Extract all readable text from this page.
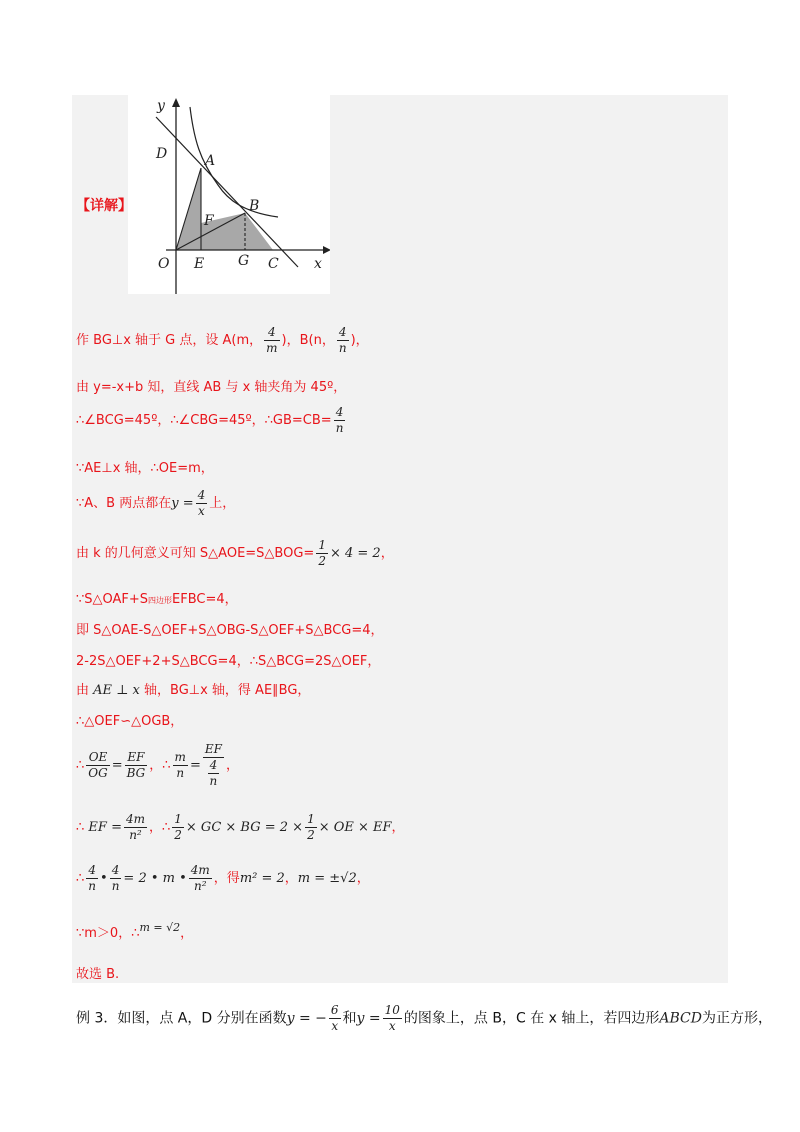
y
x
D	A
B
F
O E G C
【详解】
作 BG⊥x 轴于 G 点，设 A(m， $\frac{4}{m}$ )，B(n， $\frac{4}{n}$ )，
由 y=-x+b 知，直线 AB 与 x 轴夹角为 45º，
∴∠BCG=45º，∴∠CBG=45º，∴GB=CB= $\frac{4}{n}$
∵AE⊥x 轴，∴OE=m，
∵A、B 两点都在$y = \frac{4}{x}$ 上，
由 k 的几何意义可知 S△AOE=S△BOG= $\frac{1}{2} \times 4 = 2$，
∵S△OAF+S四边形EFBC=4，
即 S△OAE-S△OEF+S△OBG-S△OEF+S△BCG=4，
2-2S△OEF+2+S△BCG=4，∴S△BCG=2S△OEF，
由 AE ⊥ x 轴，BG⊥x 轴，得 AE∥BG，
∴△OEF∽△OGB，
∴ $\frac{OE}{OG} = \frac{EF}{BG}$ ，∴ $\frac{m}{n} = \frac{EF}{\frac{4}{n}}$ ，
∴ EF = $\frac{4m}{\text{n²}}$ ，∴ $\frac{1}{2}$ × GC × BG = $2 \times \frac{1}{2}$ × OE × EF，
∴ $\frac{4}{n}$ • $\frac{4}{n} = 2$ • m • $\frac{4m}{\text{n²}}$ ，得m² = 2，m = ±√2，
∵m＞0，∴$^{m = √2}$，
故选 B.
例 3．如图，点 A，D 分别在函数y = − $\frac{6}{x}$ 和$y = \frac{10}{x}$ 的图象上，点 B，C 在 x 轴上，若四边形ABCD为正方形，
